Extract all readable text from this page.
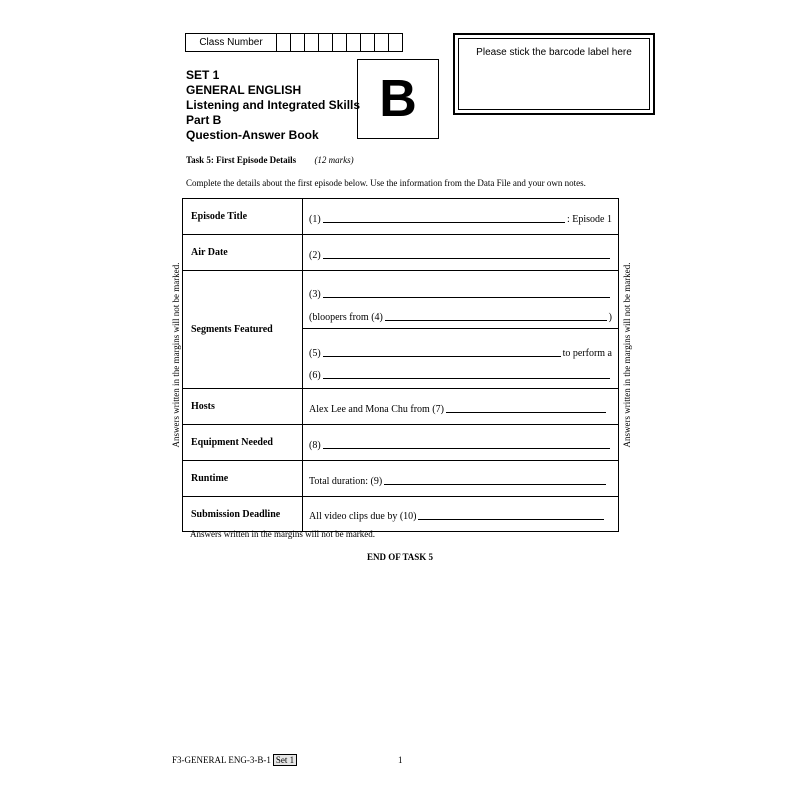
Class Number
SET 1
GENERAL ENGLISH
Listening and Integrated Skills
Part B
Question-Answer Book
B
Please stick the barcode label here
Task 5: First Episode Details (12 marks)
Complete the details about the first episode below. Use the information from the Data File and your own notes.
Episode Title	(1)	: Episode 1
Air Date	(2)
Segments Featured
(3)
(bloopers from (4)	)
(5)	to perform a
(6)
Hosts	Alex Lee and Mona Chu from (7)
Equipment Needed	(8)
Runtime	Total duration: (9)
Submission Deadline	All video clips due by (10)
Answers written in the margins will not be marked.	Answers written in the margins will not be marked.
Answers written in the margins will not be marked.
END OF TASK 5
F3-GENERAL ENG-3-B-1 Set 1	1
